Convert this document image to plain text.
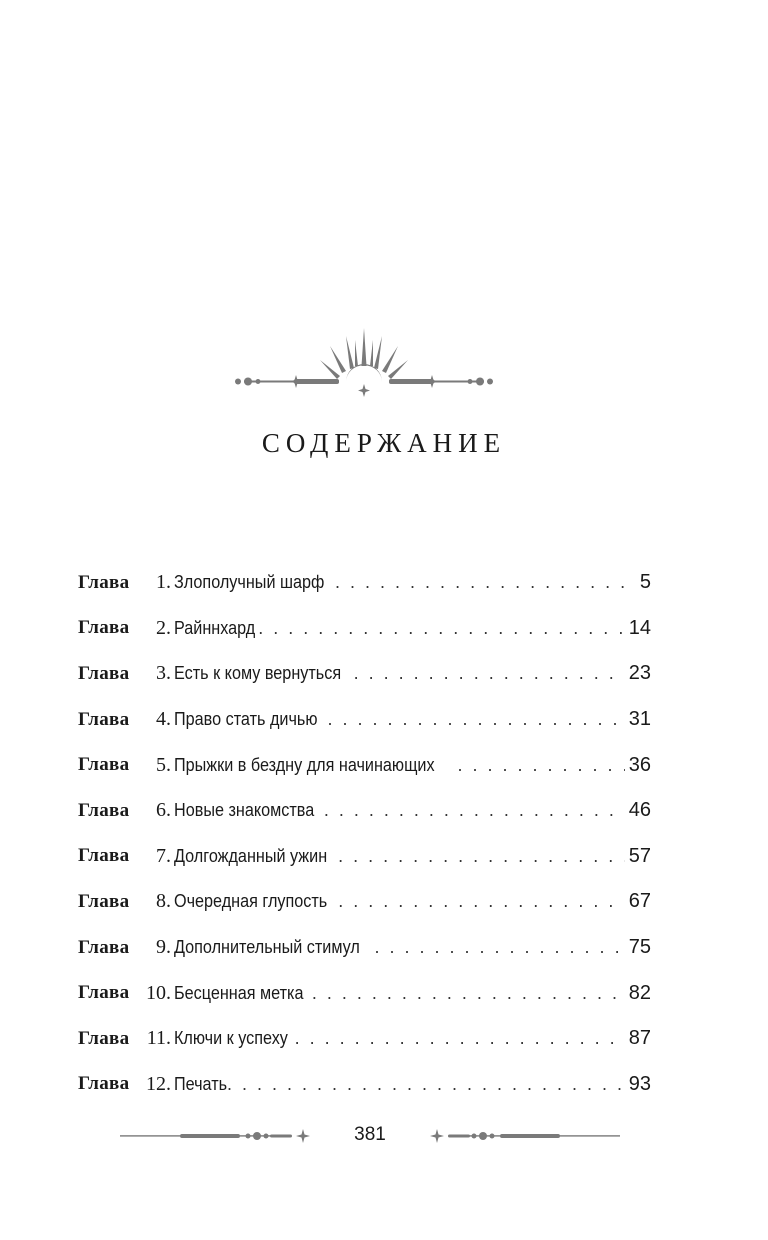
СОДЕРЖАНИЕ
Глава	1. Злополучный шарф . . .	5
Глава	2. Райннхард . . .	14
Глава	3. Есть к кому вернуться . . .	23
Глава	4. Право стать дичью . . .	31
Глава	5. Прыжки в бездну для начинающих . . .	36
Глава	6. Новые знакомства . . .	46
Глава	7. Долгожданный ужин . . .	57
Глава	8. Очередная глупость . . .	67
Глава	9. Дополнительный стимул . . .	75
Глава 10. Бесценная метка . . .	82
Глава 11. Ключи к успеху . . .	87
Глава 12. Печать . . .	93
381
